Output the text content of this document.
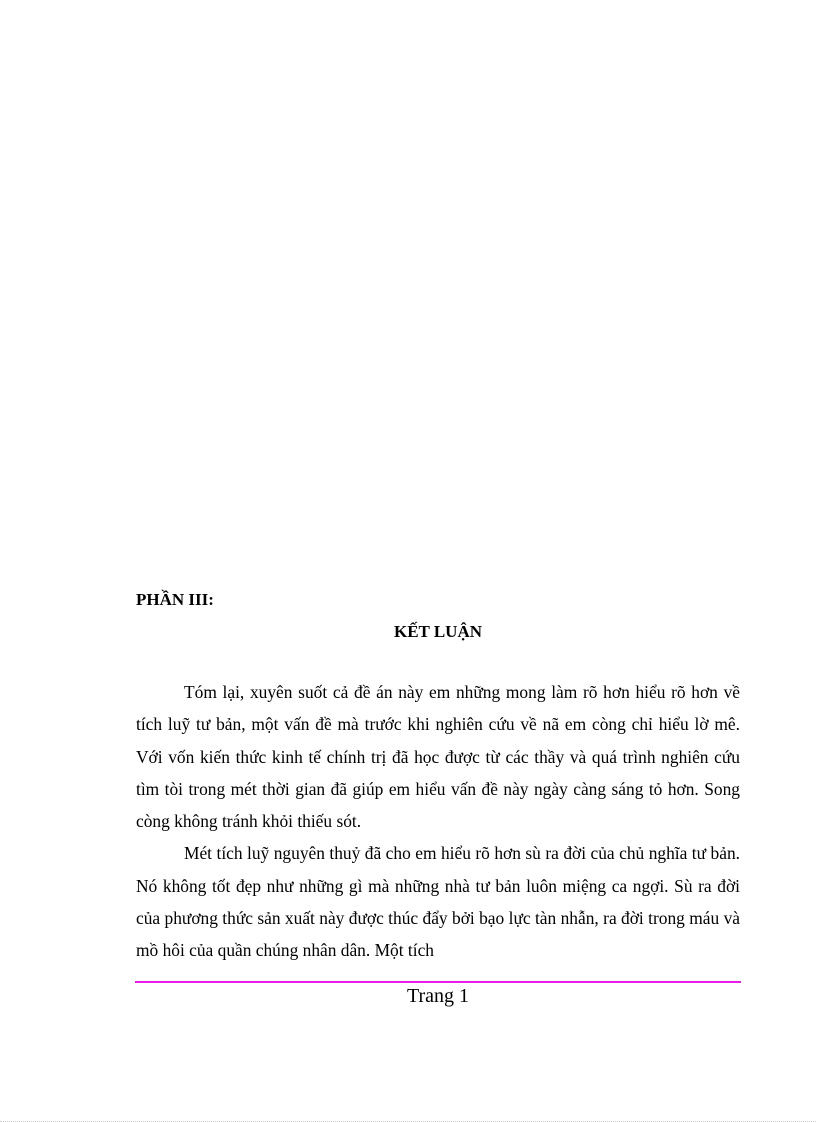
PHẦN III:

KẾT LUẬN

Tóm lại, xuyên suốt cả đề án này em những mong làm rõ hơn hiểu rõ hơn về tích luỹ tư bản, một vấn đề mà trước khi nghiên cứu về nã em còng chỉ hiểu lờ mê. Với vốn kiến thức kinh tế chính trị đã học được từ các thầy và quá trình nghiên cứu tìm tòi trong mét thời gian đã giúp em hiểu vấn đề này ngày càng sáng tỏ hơn. Song còng không tránh khỏi thiếu sót.

Mét tích luỹ nguyên thuỷ đã cho em hiểu rõ hơn sù ra đời của chủ nghĩa tư bản. Nó không tốt đẹp như những gì mà những nhà tư bản luôn miệng ca ngợi. Sù ra đời của phương thức sản xuất này được thúc đẩy bởi bạo lực tàn nhẫn, ra đời trong máu và mồ hôi của quần chúng nhân dân. Một tích

Trang 1
